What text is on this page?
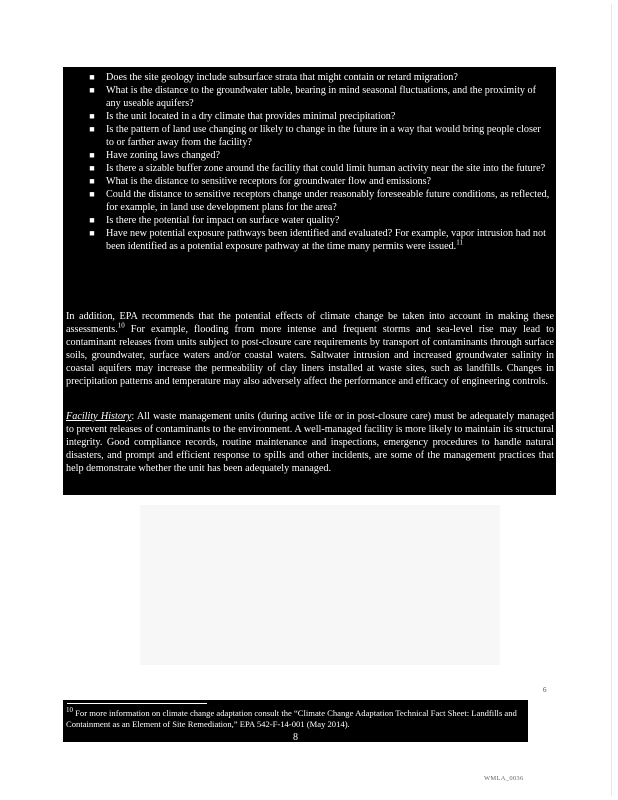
■	Does the site geology include subsurface strata that might contain or retard migration?
■	What is the distance to the groundwater table, bearing in mind seasonal fluctuations, and the proximity of any useable aquifers?
■	Is the unit located in a dry climate that provides minimal precipitation?
■	Is the pattern of land use changing or likely to change in the future in a way that would bring people closer to or farther away from the facility?
■	Have zoning laws changed?
■	Is there a sizable buffer zone around the facility that could limit human activity near the site into the future?
■	What is the distance to sensitive receptors for groundwater flow and emissions?
■	Could the distance to sensitive receptors change under reasonably foreseeable future conditions, as reflected, for example, in land use development plans for the area?
■	Is there the potential for impact on surface water quality?
■	Have new potential exposure pathways been identified and evaluated? For example, vapor intrusion had not been identified as a potential exposure pathway at the time many permits were issued.$^{11}$

In addition, EPA recommends that the potential effects of climate change be taken into account in making these assessments.$^{10}$ For example, flooding from more intense and frequent storms and sea-level rise may lead to contaminant releases from units subject to post-closure care requirements by transport of contaminants through surface soils, groundwater, surface waters and/or coastal waters. Saltwater intrusion and increased groundwater salinity in coastal aquifers may increase the permeability of clay liners installed at waste sites, such as landfills. Changes in precipitation patterns and temperature may also adversely affect the performance and efficacy of engineering controls.

Facility History: All waste management units (during active life or in post-closure care) must be adequately managed to prevent releases of contaminants to the environment. A well-managed facility is more likely to maintain its structural integrity. Good compliance records, routine maintenance and inspections, emergency procedures to handle natural disasters, and prompt and efficient response to spills and other incidents, are some of the management practices that help demonstrate whether the unit has been adequately managed.

6

$^{10}$ For more information on climate change adaptation consult the “Climate Change Adaptation Technical Fact Sheet: Landfills and Containment as an Element of Site Remediation,” EPA 542-F-14-001 (May 2014).

8
WMLA_0036
